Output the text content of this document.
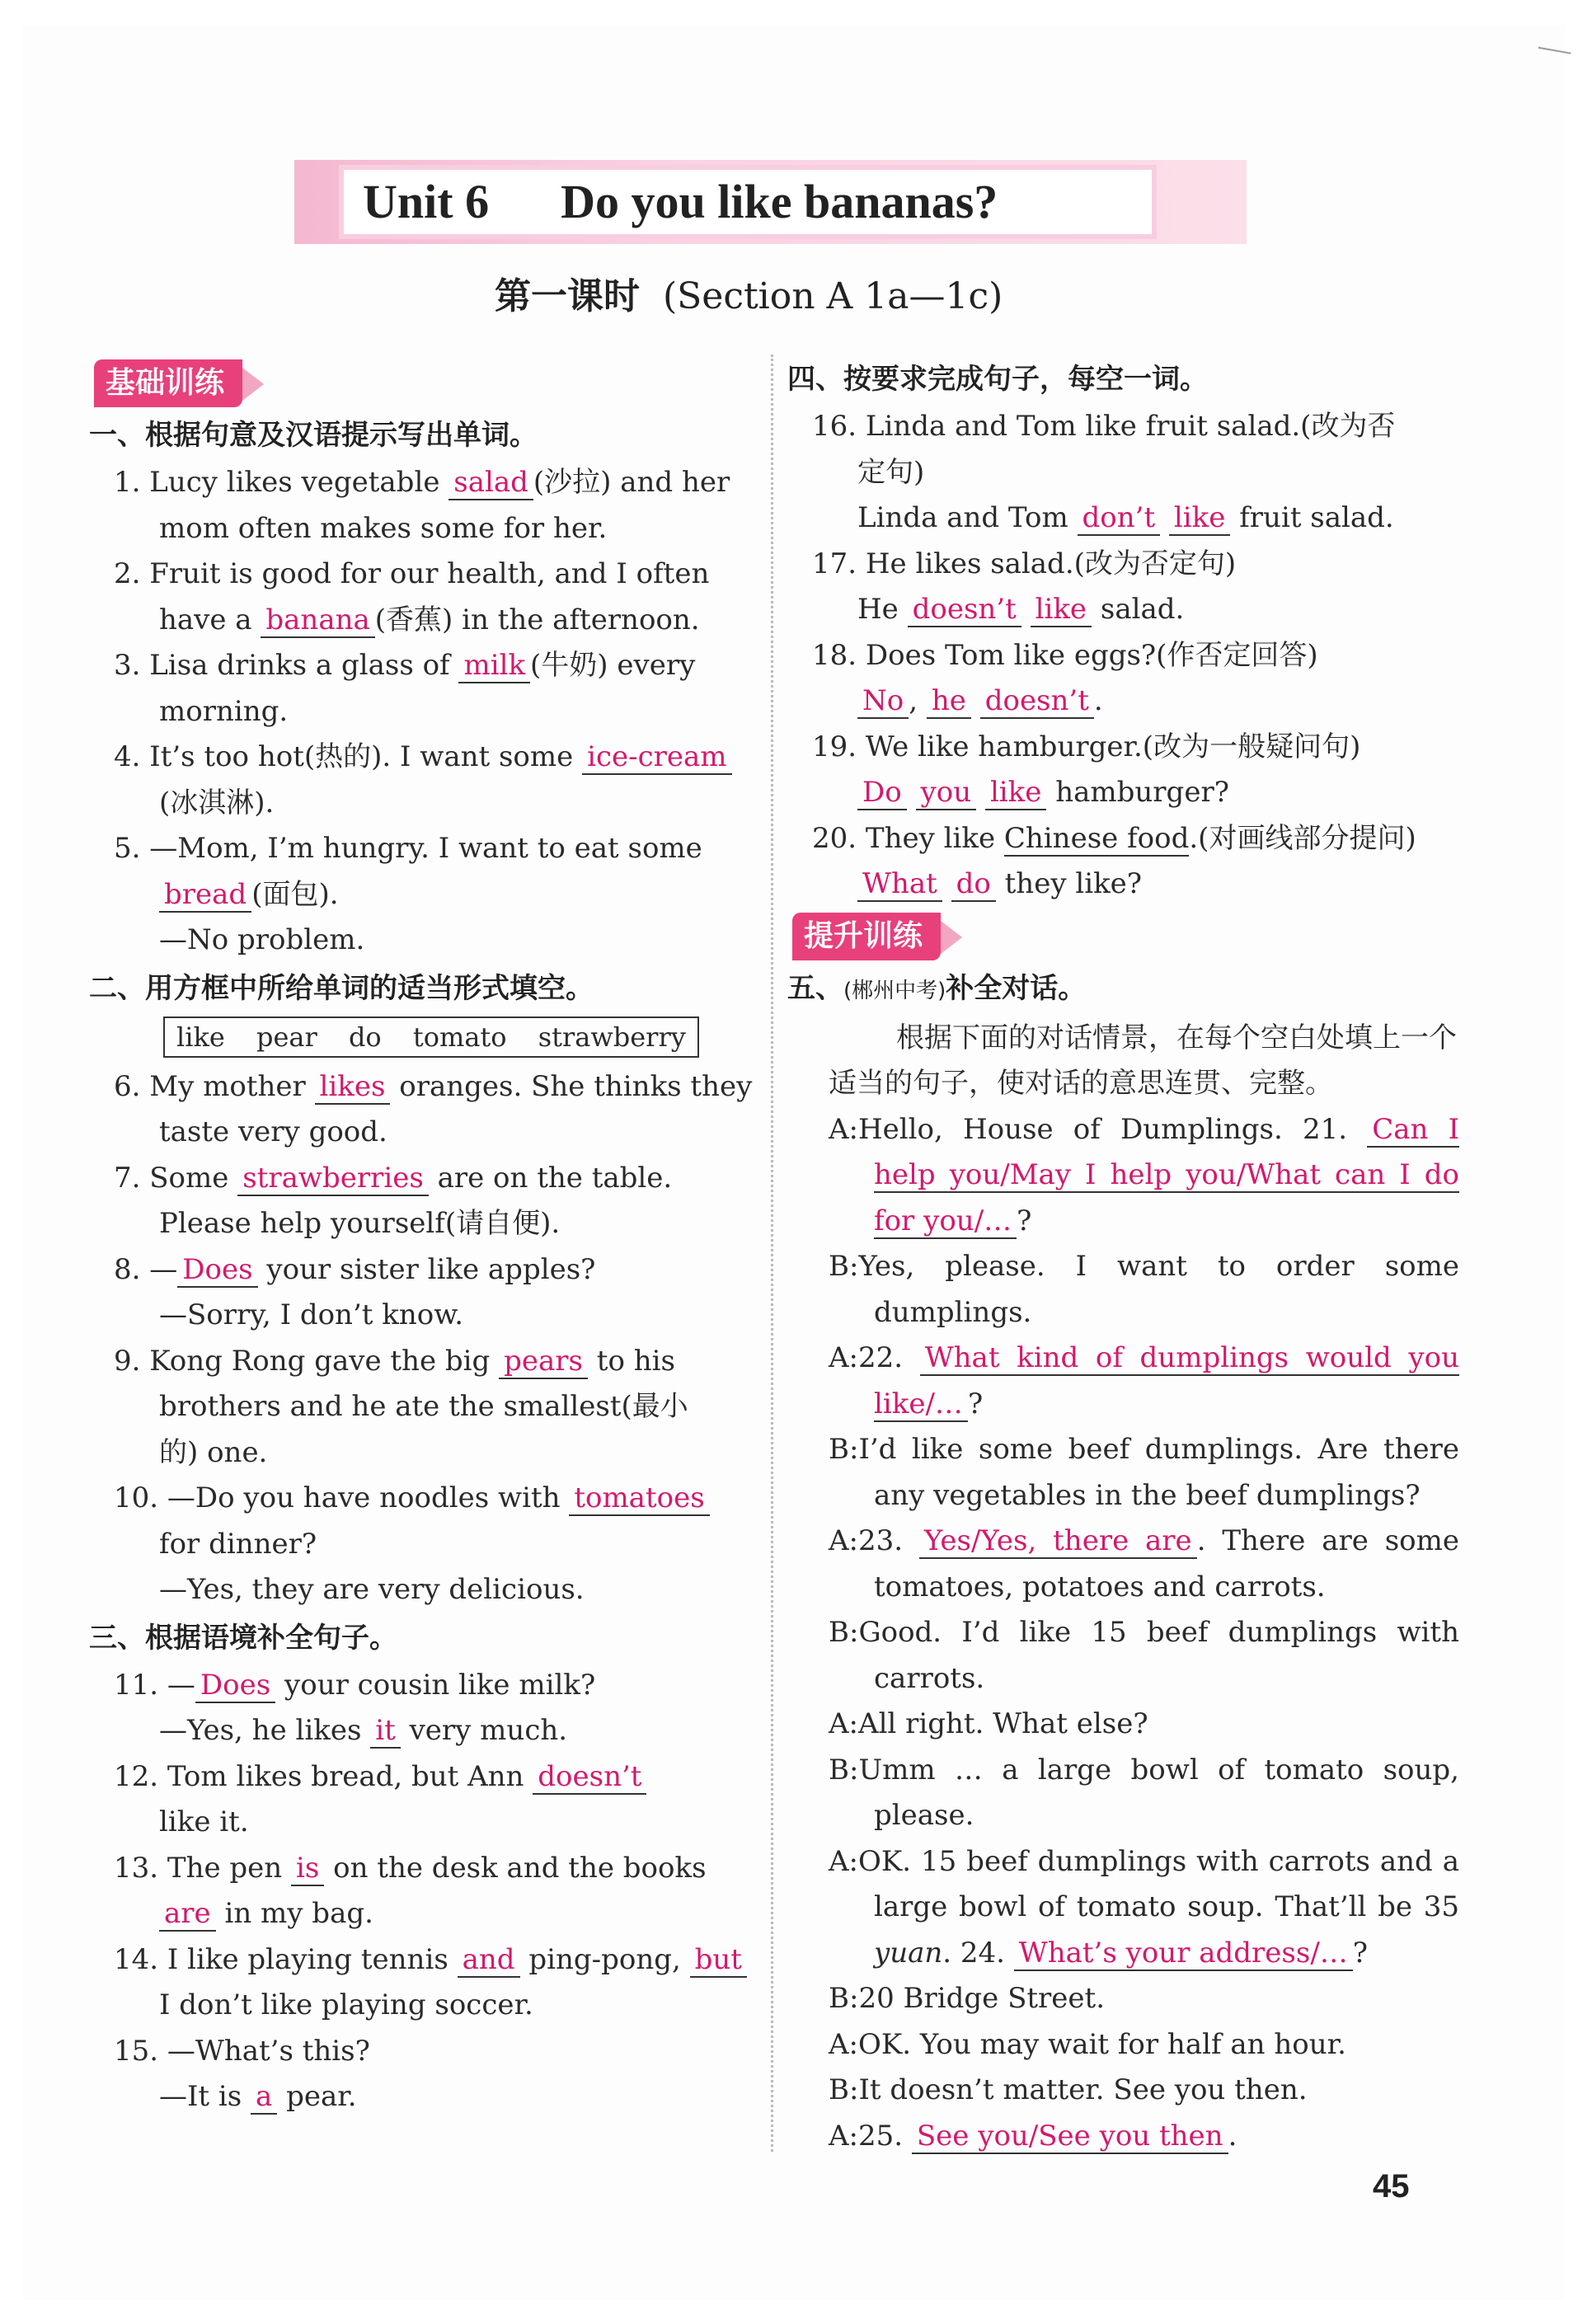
Unit 6      Do you like bananas?
第一课时 (Section A 1a—1c)
基础训练
一、根据句意及汉语提示写出单词。
1. Lucy likes vegetable salad (沙拉) and her
mom often makes some for her.
2. Fruit is good for our health, and I often
have a banana (香蕉) in the afternoon.
3. Lisa drinks a glass of milk (牛奶) every
morning.
4. It’s too hot(热的). I want some ice-cream
(冰淇淋).
5. —Mom, I’m hungry. I want to eat some
bread (面包).
—No problem.
二、用方框中所给单词的适当形式填空。
like pear do tomato strawberry
6. My mother likes oranges. She thinks they
taste very good.
7. Some strawberries are on the table.
Please help yourself(请自便).
8. — Does your sister like apples?
—Sorry, I don’t know.
9. Kong Rong gave the big pears to his
brothers and he ate the smallest(最小
的) one.
10. —Do you have noodles with tomatoes
for dinner?
—Yes, they are very delicious.
三、根据语境补全句子。
11. — Does your cousin like milk?
—Yes, he likes it very much.
12. Tom likes bread, but Ann doesn’t
like it.
13. The pen is on the desk and the books
are in my bag.
14. I like playing tennis and ping-pong, but
I don’t like playing soccer.
15. —What’s this?
—It is a pear.
四、按要求完成句子，每空一词。
16. Linda and Tom like fruit salad.(改为否
定句)
Linda and Tom don’t like fruit salad.
17. He likes salad.(改为否定句)
He doesn’t like salad.
18. Does Tom like eggs?(作否定回答)
No , he doesn’t .
19. We like hamburger.(改为一般疑问句)
Do you like hamburger?
20. They like Chinese food.(对画线部分提问)
What do they like?
提升训练
五、(郴州中考)补全对话。
根据下面的对话情景，在每个空白处填上一个适当的句子，使对话的意思连贯、完整。
A:Hello, House of Dumplings. 21. Can I help you/May I help you/What can I do for you/… ?
B:Yes, please. I want to order some dumplings.
A:22. What kind of dumplings would you like/… ?
B:I’d like some beef dumplings. Are there any vegetables in the beef dumplings?
A:23. Yes/Yes, there are . There are some tomatoes, potatoes and carrots.
B:Good. I’d like 15 beef dumplings with carrots.
A:All right. What else?
B:Umm … a large bowl of tomato soup, please.
A:OK. 15 beef dumplings with carrots and a large bowl of tomato soup. That’ll be 35 yuan. 24. What’s your address/… ?
B:20 Bridge Street.
A:OK. You may wait for half an hour.
B:It doesn’t matter. See you then.
A:25. See you/See you then .
45
